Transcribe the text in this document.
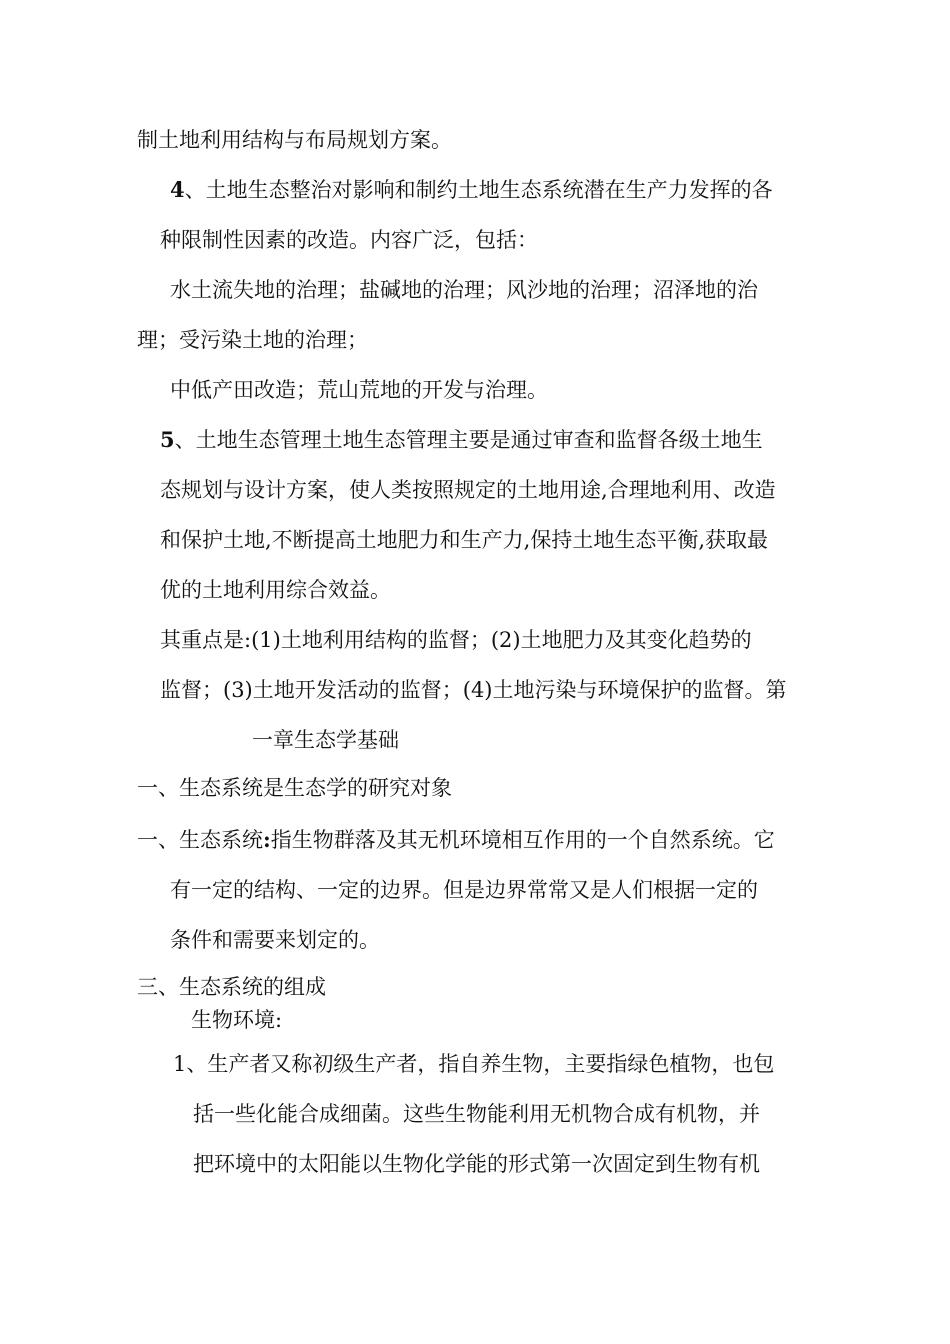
制土地利用结构与布局规划方案。
4、土地生态整治对影响和制约土地生态系统潜在生产力发挥的各
种限制性因素的改造。内容广泛，包括：
水土流失地的治理；盐碱地的治理；风沙地的治理；沼泽地的治
理；受污染土地的治理；
中低产田改造；荒山荒地的开发与治理。
5、土地生态管理土地生态管理主要是通过审查和监督各级土地生
态规划与设计方案，使人类按照规定的土地用途,合理地利用、改造
和保护土地,不断提高土地肥力和生产力,保持土地生态平衡,获取最
优的土地利用综合效益。
其重点是:(1)土地利用结构的监督；(2)土地肥力及其变化趋势的
监督；(3)土地开发活动的监督；(4)土地污染与环境保护的监督。第
一章生态学基础
一、生态系统是生态学的研究对象
一、生态系统:指生物群落及其无机环境相互作用的一个自然系统。它
有一定的结构、一定的边界。但是边界常常又是人们根据一定的
条件和需要来划定的。
三、生态系统的组成
生物环境:
1、生产者又称初级生产者，指自养生物，主要指绿色植物，也包
括一些化能合成细菌。这些生物能利用无机物合成有机物，并
把环境中的太阳能以生物化学能的形式第一次固定到生物有机
